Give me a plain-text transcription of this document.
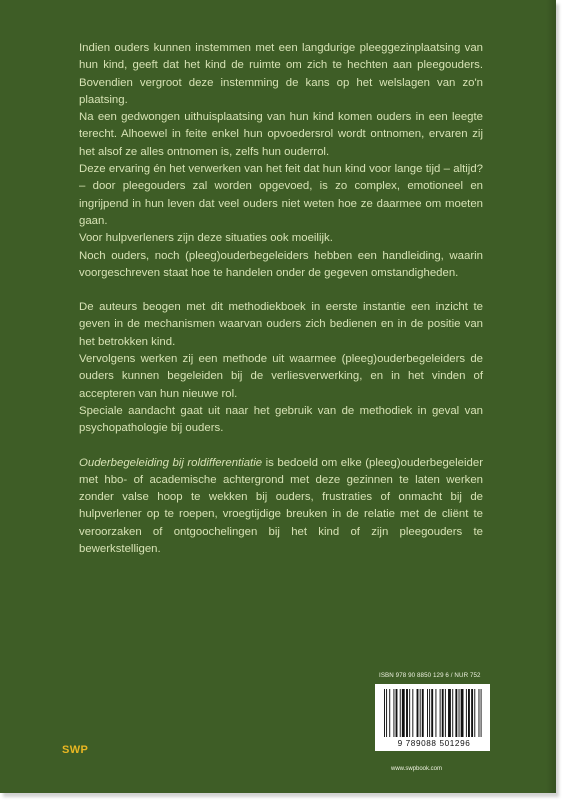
Indien ouders kunnen instemmen met een langdurige pleeggezinplaatsing van hun kind, geeft dat het kind de ruimte om zich te hechten aan pleegouders. Bovendien vergroot deze instemming de kans op het welslagen van zo'n plaatsing.

Na een gedwongen uithuisplaatsing van hun kind komen ouders in een leegte terecht. Alhoewel in feite enkel hun opvoedersrol wordt ontnomen, ervaren zij het alsof ze alles ontnomen is, zelfs hun ouderrol.

Deze ervaring én het verwerken van het feit dat hun kind voor lange tijd – altijd? – door pleegouders zal worden opgevoed, is zo complex, emotioneel en ingrijpend in hun leven dat veel ouders niet weten hoe ze daarmee om moeten gaan.

Voor hulpverleners zijn deze situaties ook moeilijk.

Noch ouders, noch (pleeg)ouderbegeleiders hebben een handleiding, waarin voorgeschreven staat hoe te handelen onder de gegeven omstandigheden.

De auteurs beogen met dit methodiekboek in eerste instantie een inzicht te geven in de mechanismen waarvan ouders zich bedienen en in de positie van het betrokken kind.

Vervolgens werken zij een methode uit waarmee (pleeg)ouderbegeleiders de ouders kunnen begeleiden bij de verliesverwerking, en in het vinden of accepteren van hun nieuwe rol.

Speciale aandacht gaat uit naar het gebruik van de methodiek in geval van psychopathologie bij ouders.

Ouderbegeleiding bij roldifferentiatie is bedoeld om elke (pleeg)ouderbegeleider met hbo- of academische achtergrond met deze gezinnen te laten werken zonder valse hoop te wekken bij ouders, frustraties of onmacht bij de hulpverlener op te roepen, vroegtijdige breuken in de relatie met de cliënt te veroorzaken of ontgoochelingen bij het kind of zijn pleegouders te bewerkstelligen.

ISBN 978 90 8850 129 6 / NUR 752
9 789088 501296
www.swpbook.com
SWP
